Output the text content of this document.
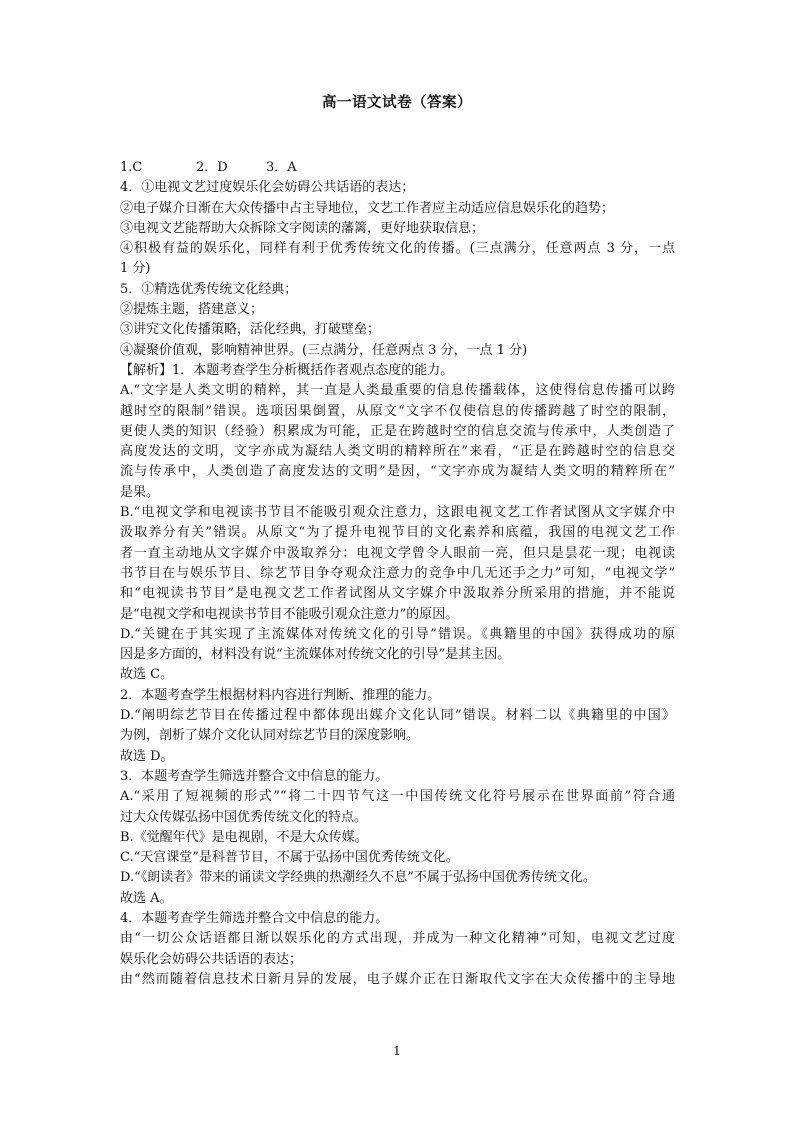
高一语文试卷（答案）
1.C	2．D	3．A
4．①电视文艺过度娱乐化会妨碍公共话语的表达；
②电子媒介日渐在大众传播中占主导地位，文艺工作者应主动适应信息娱乐化的趋势；
③电视文艺能帮助大众拆除文字阅读的藩篱，更好地获取信息；
④积极有益的娱乐化，同样有利于优秀传统文化的传播。(三点满分，任意两点 3 分，一点
1 分)
5．①精选优秀传统文化经典；
②提炼主题，搭建意义；
③讲究文化传播策略，活化经典，打破壁垒；
④凝聚价值观，影响精神世界。(三点满分，任意两点 3 分，一点 1 分)
【解析】1．本题考查学生分析概括作者观点态度的能力。
A.“文字是人类文明的精粹，其一直是人类最重要的信息传播载体，这使得信息传播可以跨
越时空的限制”错误。选项因果倒置，从原文“文字不仅使信息的传播跨越了时空的限制，
更使人类的知识（经验）积累成为可能，正是在跨越时空的信息交流与传承中，人类创造了
高度发达的文明，文字亦成为凝结人类文明的精粹所在”来看，“正是在跨越时空的信息交
流与传承中，人类创造了高度发达的文明”是因，“文字亦成为凝结人类文明的精粹所在”
是果。
B.“电视文学和电视读书节目不能吸引观众注意力，这跟电视文艺工作者试图从文字媒介中
汲取养分有关”错误。从原文“为了提升电视节目的文化素养和底蕴，我国的电视文艺工作
者一直主动地从文字媒介中汲取养分：电视文学曾令人眼前一亮，但只是昙花一现；电视读
书节目在与娱乐节目、综艺节目争夺观众注意力的竞争中几无还手之力”可知，“电视文学”
和“电视读书节目”是电视文艺工作者试图从文字媒介中汲取养分所采用的措施，并不能说
是“电视文学和电视读书节目不能吸引观众注意力”的原因。
D.“关键在于其实现了主流媒体对传统文化的引导”错误。《典籍里的中国》获得成功的原
因是多方面的，材料没有说“主流媒体对传统文化的引导”是其主因。
故选 C。
2．本题考查学生根据材料内容进行判断、推理的能力。
D.“阐明综艺节目在传播过程中都体现出媒介文化认同”错误。材料二以《典籍里的中国》
为例，剖析了媒介文化认同对综艺节目的深度影响。
故选 D。
3．本题考查学生筛选并整合文中信息的能力。
A.“采用了短视频的形式”“将二十四节气这一中国传统文化符号展示在世界面前”符合通
过大众传媒弘扬中国优秀传统文化的特点。
B.《觉醒年代》是电视剧，不是大众传媒。
C.“天宫课堂”是科普节目，不属于弘扬中国优秀传统文化。
D.“《朗读者》带来的诵读文学经典的热潮经久不息”不属于弘扬中国优秀传统文化。
故选 A。
4．本题考查学生筛选并整合文中信息的能力。
由“一切公众话语都日渐以娱乐化的方式出现，并成为一种文化精神”可知，电视文艺过度
娱乐化会妨碍公共话语的表达；
由“然而随着信息技术日新月异的发展，电子媒介正在日渐取代文字在大众传播中的主导地
1
